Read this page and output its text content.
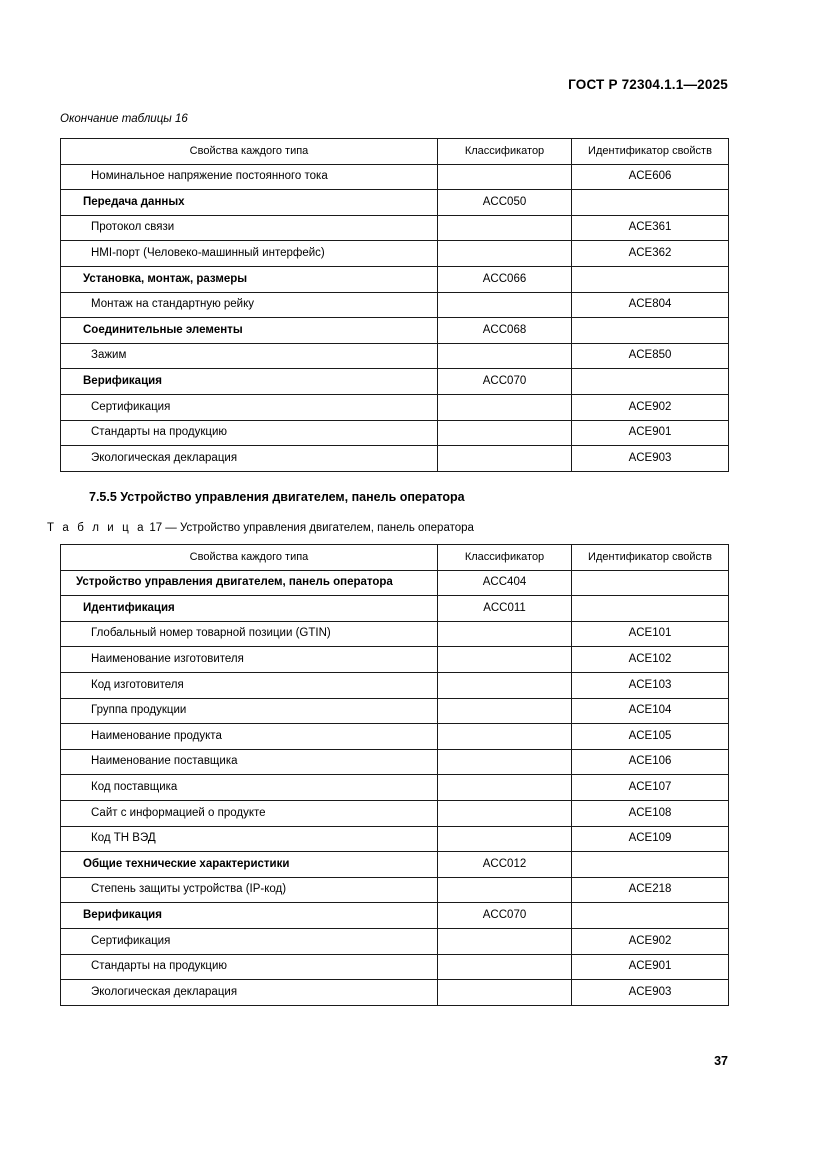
ГОСТ Р 72304.1.1—2025
Окончание таблицы 16
Свойства каждого типа	Классификатор	Идентификатор свойств

Номинальное напряжение постоянного тока		ACE606

Передача данных	ACC050	

Протокол связи		ACE361

HMI-порт (Человеко-машинный интерфейс)		ACE362

Установка, монтаж, размеры	ACC066	

Монтаж на стандартную рейку		ACE804

Соединительные элементы	ACC068	

Зажим		ACE850

Верификация	ACC070	

Сертификация		ACE902

Стандарты на продукцию		ACE901

Экологическая декларация		ACE903
7.5.5 Устройство управления двигателем, панель оператора
Т а б л и ц а 17 — Устройство управления двигателем, панель оператора
Свойства каждого типа	Классификатор	Идентификатор свойств

Устройство управления двигателем, панель оператора	ACC404	

Идентификация	ACC011	

Глобальный номер товарной позиции (GTIN)		ACE101

Наименование изготовителя		ACE102

Код изготовителя		ACE103

Группа продукции		ACE104

Наименование продукта		ACE105

Наименование поставщика		ACE106

Код поставщика		ACE107

Сайт с информацией о продукте		ACE108

Код ТН ВЭД		ACE109

Общие технические характеристики	ACC012	

Степень защиты устройства (IP-код)		ACE218

Верификация	ACC070	

Сертификация		ACE902

Стандарты на продукцию		ACE901

Экологическая декларация		ACE903
37
